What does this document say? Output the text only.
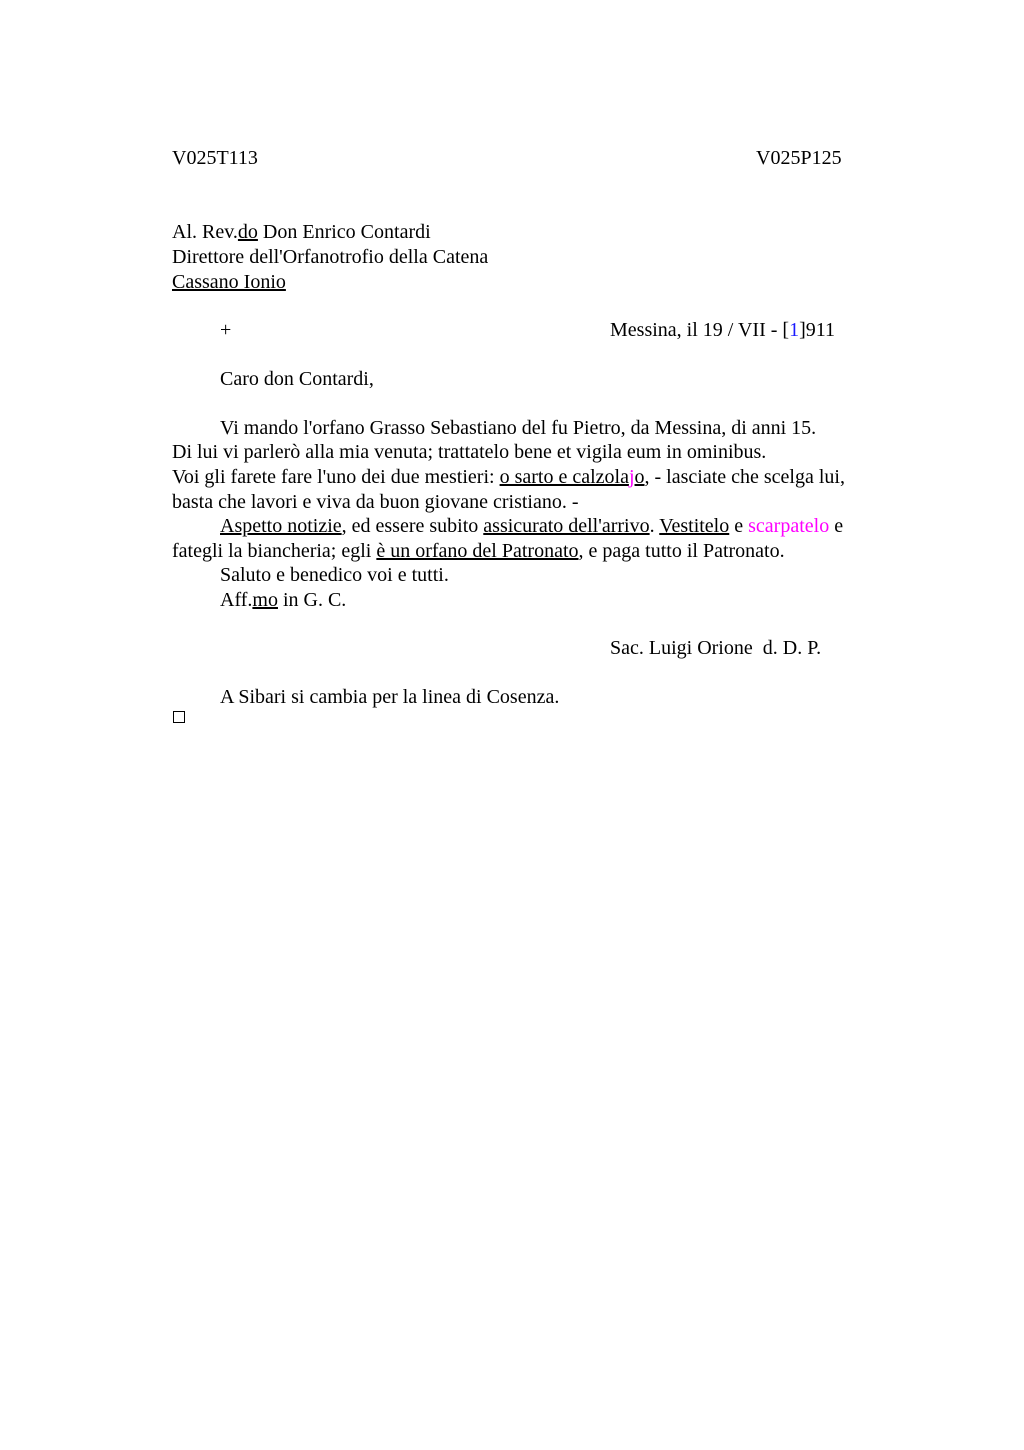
V025T113	V025P125
Al. Rev.do Don Enrico Contardi
Direttore dell'Orfanotrofio della Catena
Cassano Ionio
+	Messina, il 19 / VII - [1]911
Caro don Contardi,
Vi mando l'orfano Grasso Sebastiano del fu Pietro, da Messina, di anni 15.
Di lui vi parlerò alla mia venuta; trattatelo bene et vigila eum in ominibus.
Voi gli farete fare l'uno dei due mestieri: o sarto e calzolajo, - lasciate che scelga lui,
basta che lavori e viva da buon giovane cristiano. -
Aspetto notizie, ed essere subito assicurato dell'arrivo. Vestitelo e scarpatelo e
fategli la biancheria; egli è un orfano del Patronato, e paga tutto il Patronato.
Saluto e benedico voi e tutti.
Aff.mo in G. C.
Sac. Luigi Orione  d. D. P.
A Sibari si cambia per la linea di Cosenza.
